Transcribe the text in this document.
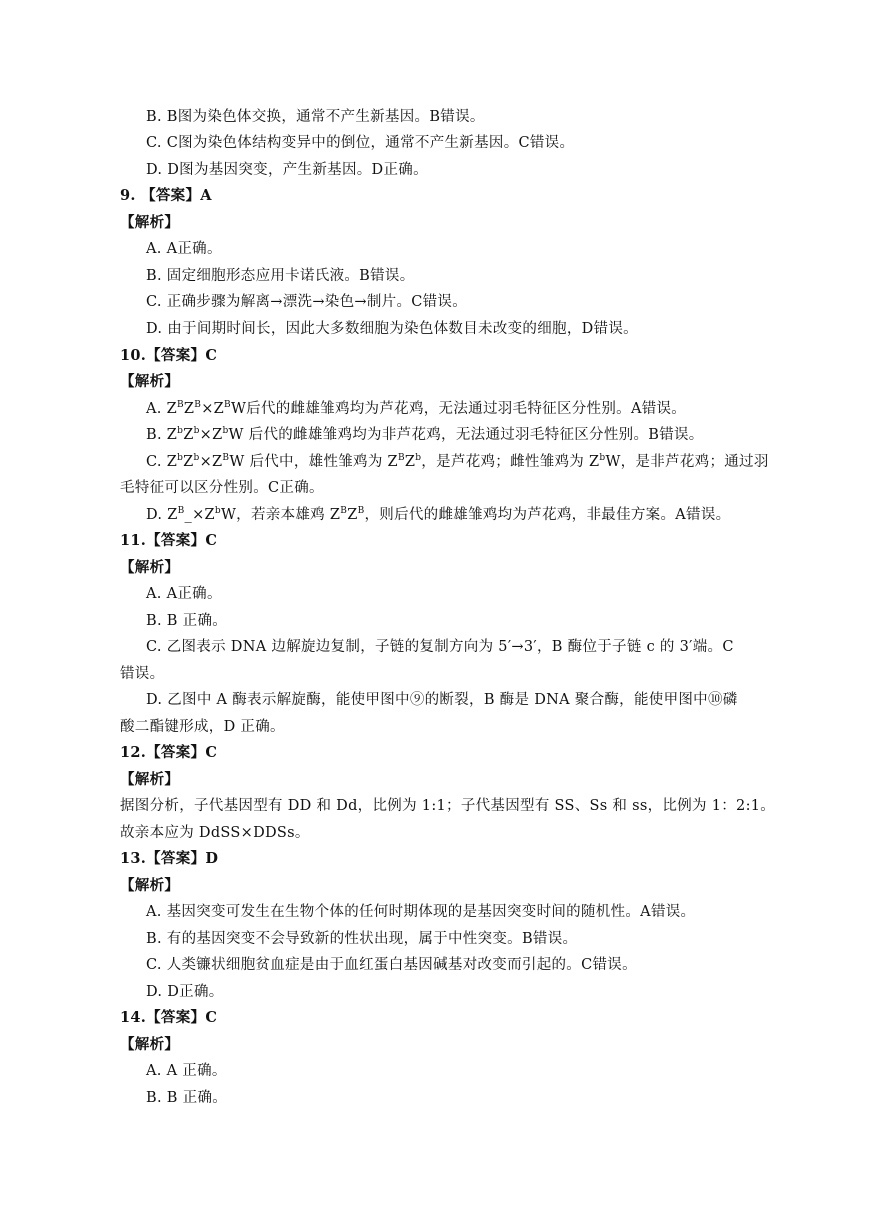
B. B图为染色体交换，通常不产生新基因。B错误。
C. C图为染色体结构变异中的倒位，通常不产生新基因。C错误。
D. D图为基因突变，产生新基因。D正确。
9. 【答案】A
【解析】
A. A正确。
B. 固定细胞形态应用卡诺氏液。B错误。
C. 正确步骤为解离→漂洗→染色→制片。C错误。
D. 由于间期时间长，因此大多数细胞为染色体数目未改变的细胞，D错误。
10.【答案】C
【解析】
A. $Z^BZ^B\times Z^BW$后代的雌雄雏鸡均为芦花鸡，无法通过羽毛特征区分性别。A错误。
B. $Z^bZ^b\times Z^bW$ 后代的雌雄雏鸡均为非芦花鸡，无法通过羽毛特征区分性别。B错误。
C. $Z^bZ^b\times Z^BW$ 后代中，雄性雏鸡为 $Z^BZ^b$，是芦花鸡；雌性雏鸡为 $Z^bW$，是非芦花鸡；通过羽
毛特征可以区分性别。C正确。
D. $Z^B\_\times Z^bW$，若亲本雄鸡 $Z^BZ^B$，则后代的雌雄雏鸡均为芦花鸡，非最佳方案。A错误。
11.【答案】C
【解析】
A. A正确。
B. B 正确。
C. 乙图表示 DNA 边解旋边复制，子链的复制方向为 5′→3′，B 酶位于子链 c 的 3′端。C
错误。
D. 乙图中 A 酶表示解旋酶，能使甲图中⑨的断裂，B 酶是 DNA 聚合酶，能使甲图中⑩磷
酸二酯键形成，D 正确。
12.【答案】C
【解析】
据图分析，子代基因型有 DD 和 Dd，比例为 1:1；子代基因型有 SS、Ss 和 ss，比例为 1：2:1。
故亲本应为 DdSS×DDSs。
13.【答案】D
【解析】
A. 基因突变可发生在生物个体的任何时期体现的是基因突变时间的随机性。A错误。
B. 有的基因突变不会导致新的性状出现，属于中性突变。B错误。
C. 人类镰状细胞贫血症是由于血红蛋白基因碱基对改变而引起的。C错误。
D. D正确。
14.【答案】C
【解析】
A. A 正确。
B. B 正确。
